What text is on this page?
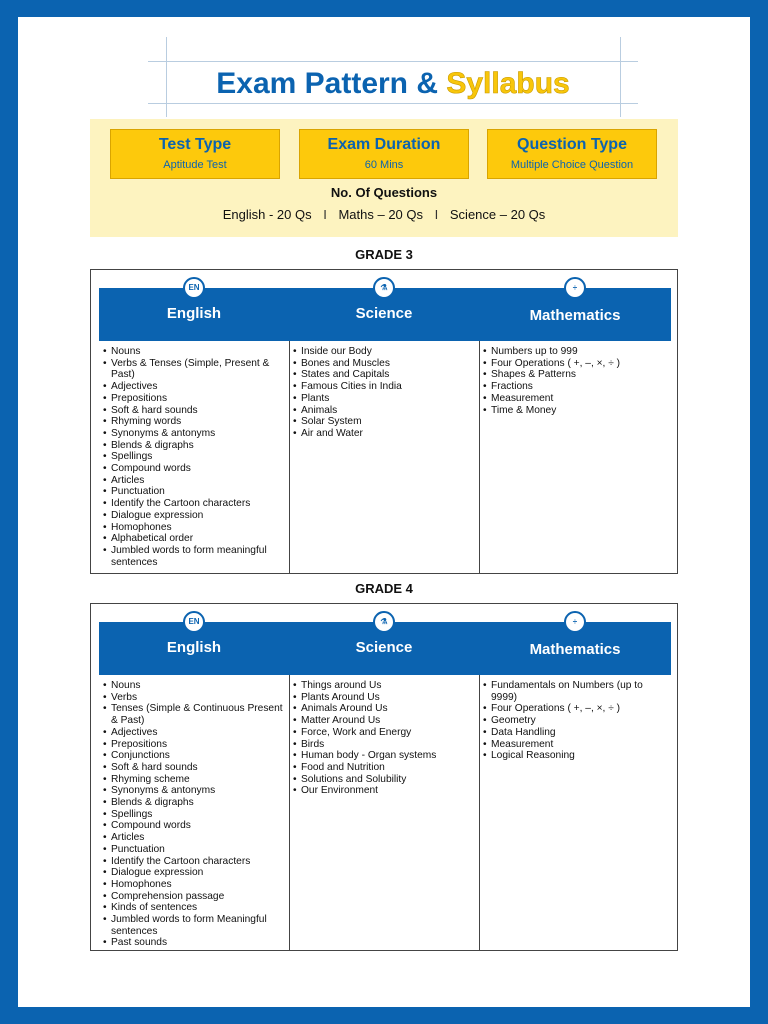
Exam Pattern & Syllabus
Test Type
Aptitude Test
Exam Duration
60 Mins
Question Type
Multiple Choice Question
No. Of Questions
English - 20 Qs I Maths – 20 Qs I Science – 20 Qs
GRADE 3
EN
English
• Nouns
• Verbs & Tenses (Simple, Present & Past)
• Adjectives
• Prepositions
• Soft & hard sounds
• Rhyming words
• Synonyms & antonyms
• Blends & digraphs
• Spellings
• Compound words
• Articles
• Punctuation
• Identify the Cartoon characters
• Dialogue expression
• Homophones
• Alphabetical order
• Jumbled words to form meaningful sentences
⚗
Science
• Inside our Body
• Bones and Muscles
• States and Capitals
• Famous Cities in India
• Plants
• Animals
• Solar System
• Air and Water
÷
Mathematics
• Numbers up to 999
• Four Operations ( +, –, ×, ÷ )
• Shapes & Patterns
• Fractions
• Measurement
• Time & Money
GRADE 4
EN
English
• Nouns
• Verbs
• Tenses (Simple & Continuous Present & Past)
• Adjectives
• Prepositions
• Conjunctions
• Soft & hard sounds
• Rhyming scheme
• Synonyms & antonyms
• Blends & digraphs
• Spellings
• Compound words
• Articles
• Punctuation
• Identify the Cartoon characters
• Dialogue expression
• Homophones
• Comprehension passage
• Kinds of sentences
• Jumbled words to form Meaningful sentences
• Past sounds
⚗
Science
• Things around Us
• Plants Around Us
• Animals Around Us
• Matter Around Us
• Force, Work and Energy
• Birds
• Human body - Organ systems
• Food and Nutrition
• Solutions and Solubility
• Our Environment
÷
Mathematics
• Fundamentals on Numbers (up to 9999)
• Four Operations ( +, –, ×, ÷ )
• Geometry
• Data Handling
• Measurement
• Logical Reasoning
